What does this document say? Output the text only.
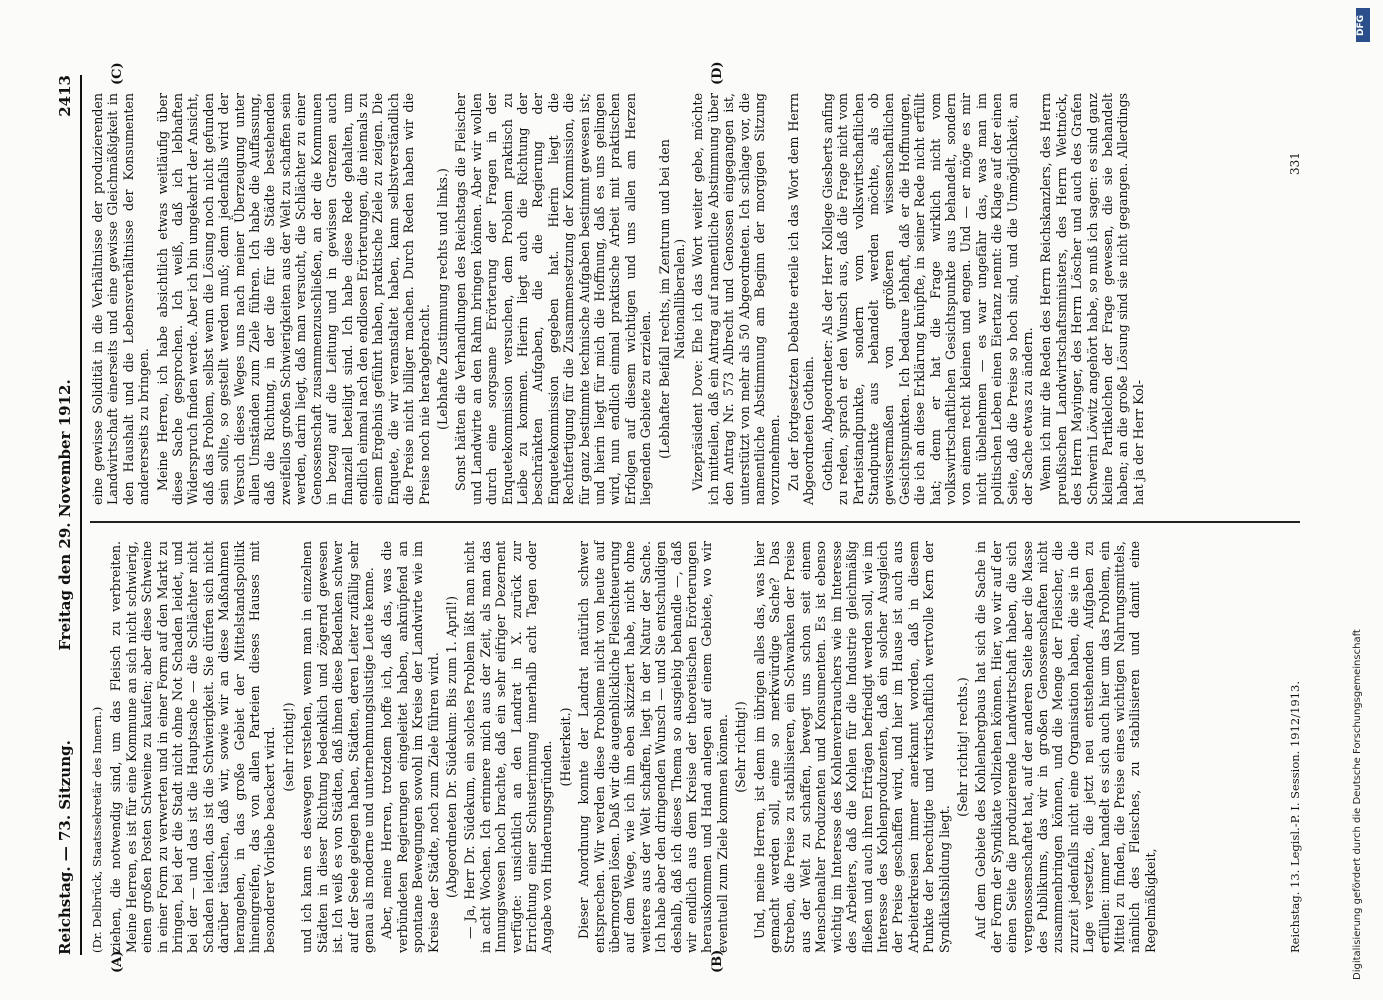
Reichstag. — 73. Sitzung.
Freitag den 29. November 1912.
2413

(Dr. Delbrück, Staatssekretär des Innern.) ziehen, die notwendig sind, um das Fleisch zu verbreiten. Meine Herren, es ist für eine Kommune an sich nicht schwierig, einen großen Posten Schweine zu kaufen; aber diese Schweine in einer Form zu verwerten und in einer Form auf den Markt zu bringen, bei der die Stadt nicht ohne Not Schaden leidet, und bei der — und das ist die Hauptsache — die Schlächter nicht Schaden leiden, das ist die Schwierigkeit. Sie dürfen sich nicht darüber täuschen, daß wir, sowie wir an diese Maßnahmen herangehen, in das große Gebiet der Mittelstandspolitik hineingreifen, das von allen Parteien dieses Hauses mit besonderer Vorliebe beackert wird. (sehr richtig!) und ich kann es deswegen verstehen, wenn man in einzelnen Städten in dieser Richtung bedenklich und zögernd gewesen ist. Ich weiß es von Städten, daß ihnen diese Bedenken schwer auf der Seele gelegen haben, Städten, deren Leiter zufällig sehr genau als moderne und unternehmungslustige Leute kenne. Aber, meine Herren, trotzdem hoffe ich, daß das, was die verbündeten Regierungen eingeleitet haben, anknüpfend an spontane Bewegungen sowohl im Kreise der Landwirte wie im Kreise der Städte, noch zum Ziele führen wird. (Abgeordneten Dr. Südekum: Bis zum 1. April!) — Ja, Herr Dr. Südekum, ein solches Problem läßt man nicht in acht Wochen. Ich erinnere mich aus der Zeit, als man das Innungswesen hoch brachte, daß ein sehr eifriger Dezernent verfügte: unsichtlich an den Landrat in X. zurück zur Errichtung einer Schusterinnung innerhalb acht Tagen oder Angabe von Hinderungsgründen. (Heiterkeit.) Dieser Anordnung konnte der Landrat natürlich schwer entsprechen. Wir werden diese Probleme nicht von heute auf übermorgen lösen. Daß wir die augenblickliche Fleischteuerung auf dem Wege, wie ich ihn eben skizziert habe, nicht ohne weiteres aus der Welt schaffen, liegt in der Natur der Sache. Ich habe aber den dringenden Wunsch — und Sie entschuldigen deshalb, daß ich dieses Thema so ausgiebig behandle —, daß wir endlich aus dem Kreise der theoretischen Erörterungen herauskommen und Hand anlegen auf einem Gebiete, wo wir eventuell zum Ziele kommen können. (Sehr richtig!) Und, meine Herren, ist denn im übrigen alles das, was hier gemacht werden soll, eine so merkwürdige Sache? Das Streben, die Preise zu stabilisieren, ein Schwanken der Preise aus der Welt zu schaffen, bewegt uns schon seit einem Menschenalter Produzenten und Konsumenten. Es ist ebenso wichtig im Interesse des Kohlenverbrauchers wie im Interesse des Arbeiters, daß die Kohlen für die Industrie gleichmäßig fließen und auch ihren Erträgen befriedigt werden soll, wie im Interesse des Kohlenproduzenten, daß ein solcher Ausgleich der Preise geschaffen wird, und hier im Hause ist auch aus Arbeiterkreisen immer anerkannt worden, daß in diesem Punkte der berechtigte und wirtschaftlich wertvolle Kern der Syndikatsbildung liegt.

(Sehr richtig! rechts.) Auf dem Gebiete des Kohlenbergbaus hat sich die Sache in der Form der Syndikate vollziehen können. Hier, wo wir auf der einen Seite die produzierende Landwirtschaft haben, die sich vergenossenschaftet hat, auf der anderen Seite aber die Masse des Publikums, das wir in großen Genossenschaften nicht zusammenbringen können, und die Menge der Fleischer, die zurzeit jedenfalls nicht eine Organisation haben, die sie in die Lage versetzte, die jetzt neu entstehenden Aufgaben zu erfüllen: immer handelt es sich auch hier um das Problem, ein Mittel zu finden, die Preise eines wichtigen Nahrungsmittels, nämlich des Fleisches, zu stabilisieren und damit eine Regelmäßigkeit,

eine gewisse Solidität in die Verhältnisse der produzierenden Landwirtschaft einerseits und eine gewisse Gleichmäßigkeit in den Haushalt und die Lebensverhältnisse der Konsumenten andererseits zu bringen. Meine Herren, ich habe absichtlich etwas weitläufig über diese Sache gesprochen. Ich weiß, daß ich lebhaften Widerspruch finden werde. Aber ich bin umgekehrt der Ansicht, daß das Problem, selbst wenn die Lösung noch nicht gefunden sein sollte, so gestellt werden muß; denn jedenfalls wird der Versuch dieses Weges uns nach meiner Überzeugung unter allen Umständen zum Ziele führen. Ich habe die Auffassung, daß die Richtung, in der die für die Städte bestehenden zweifellos großen Schwierigkeiten aus der Welt zu schaffen sein werden, darin liegt, daß man versucht, die Schlächter zu einer Genossenschaft zusammenzuschließen, an der die Kommunen in bezug auf die Leitung und in gewissen Grenzen auch finanziell beteiligt sind. Ich habe diese Rede gehalten, um endlich einmal nach den endlosen Erörterungen, die niemals zu einem Ergebnis geführt haben, praktische Ziele zu zeigen. Die Enquete, die wir veranstaltet haben, kann selbstverständlich die Preise nicht billiger machen. Durch Reden haben wir die Preise noch nie herabgebracht. (Lebhafte Zustimmung rechts und links.) Sonst hätten die Verhandlungen des Reichstags die Fleischer und Landwirte an den Rahm bringen können. Aber wir wollen durch eine sorgsame Erörterung der Fragen in der Enquetekommission versuchen, dem Problem praktisch zu Leibe zu kommen. Hierin liegt auch die Richtung der beschränkten Aufgaben, die die Regierung der Enquetekommission gegeben hat. Hierin liegt die Rechtfertigung für die Zusammensetzung der Kommission, die für ganz bestimmte technische Aufgaben bestimmt gewesen ist; und hierin liegt für mich die Hoffnung, daß es uns gelingen wird, nun endlich einmal praktische Arbeit mit praktischen Erfolgen auf diesem wichtigen und uns allen am Herzen liegenden Gebiete zu erzielen. (Lebhafter Beifall rechts, im Zentrum und bei den Nationalliberalen.) Vizepräsident Dove: Ehe ich das Wort weiter gebe, möchte ich mitteilen, daß ein Antrag auf namentliche Abstimmung über den Antrag Nr. 573 Albrecht und Genossen eingegangen ist, unterstützt von mehr als 50 Abgeordneten. Ich schlage vor, die namentliche Abstimmung am Beginn der morgigen Sitzung vorzunehmen. Zu der fortgesetzten Debatte erteile ich das Wort dem Herrn Abgeordneten Gothein. Gothein, Abgeordneter: Als der Herr Kollege Giesberts anfing zu reden, sprach er den Wunsch aus, daß die Frage nicht vom Parteistandpunkte, sondern vom volkswirtschaftlichen Standpunkte aus behandelt werden möchte, als ob gewissermaßen von größeren wissenschaftlichen Gesichtspunkten. Ich bedaure lebhaft, daß er die Hoffnungen, die ich an diese Erklärung knüpfte, in seiner Rede nicht erfüllt hat; denn er hat die Frage wirklich nicht vom volkswirtschaftlichen Gesichtspunkte aus behandelt, sondern von einem recht kleinen und engen. Und — er möge es mir nicht übelnehmen — es war ungefähr das, was man im politischen Leben einen Eiertanz nennt: die Klage auf der einen Seite, daß die Preise so hoch sind, und die Unmöglichkeit, an der Sache etwas zu ändern. Wenn ich mir die Reden des Herrn Reichskanzlers, des Herrn preußischen Landwirtschaftsministers, des Herrn Wettnöck, des Herrn Mayinger, des Herrn Löscher und auch des Grafen Schwerin Löwitz angehört habe, so muß ich sagen: es sind ganz kleine Partikelchen der Frage gewesen, die sie behandelt haben; an die große Lösung sind sie nicht gegangen. Allerdings hat ja der Herr Kol-

(A)	(B)
(C)	(D)
Reichstag. 13. Legisl.-P. I. Session. 1912/1913.
331
DFG
Digitalisierung gefördert durch die Deutsche Forschungsgemeinschaft
